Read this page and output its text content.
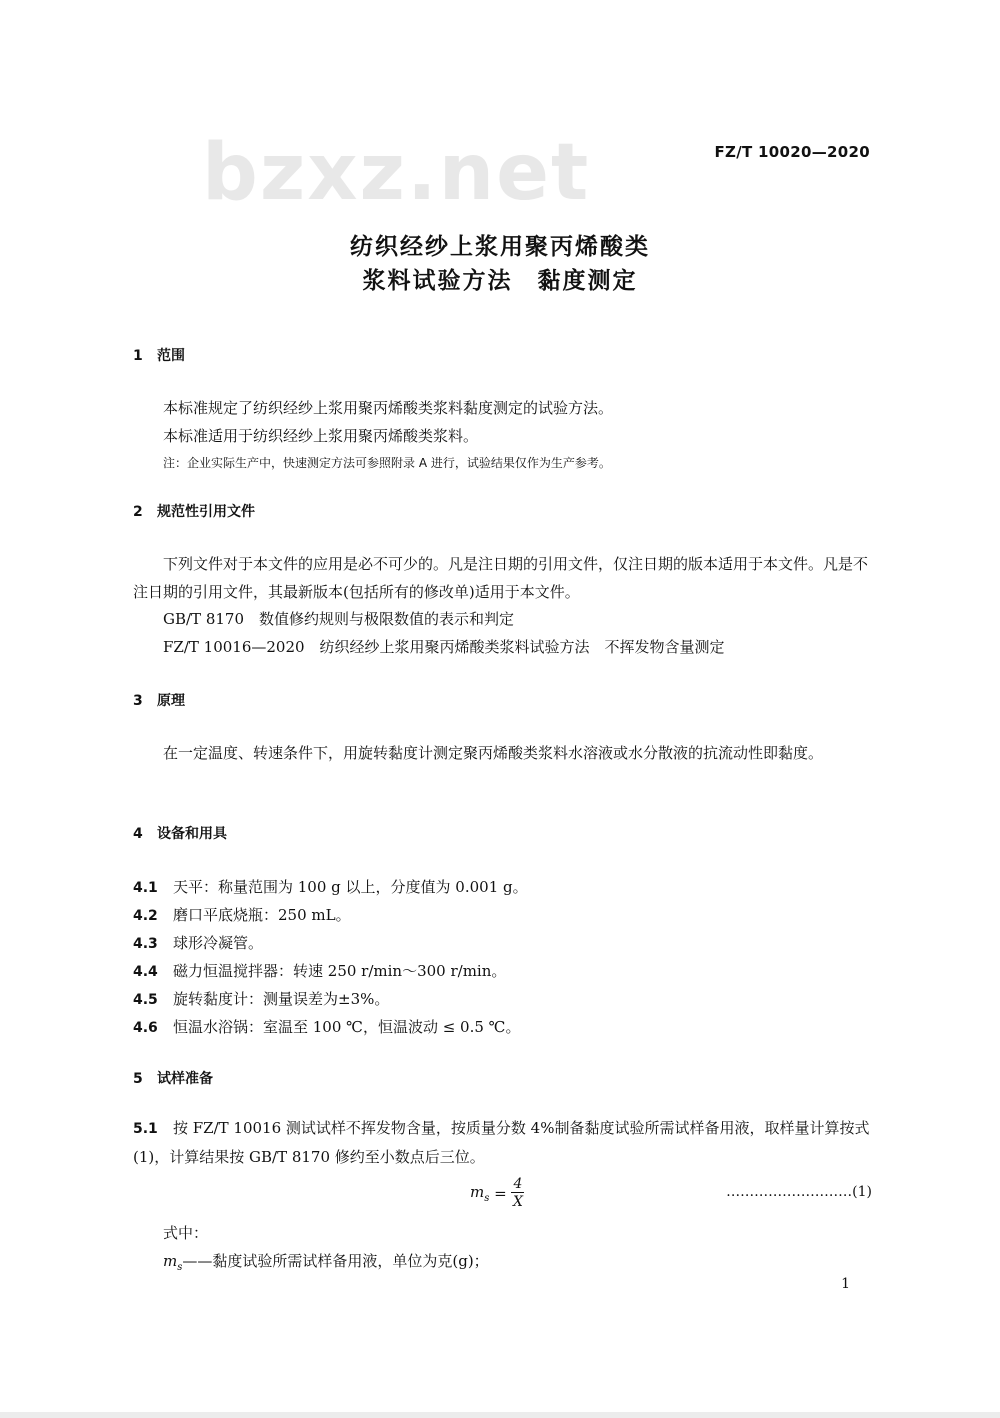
FZ/T 10020—2020
bzxz.net
纺织经纱上浆用聚丙烯酸类
浆料试验方法　黏度测定
1 范围
本标准规定了纺织经纱上浆用聚丙烯酸类浆料黏度测定的试验方法。
本标准适用于纺织经纱上浆用聚丙烯酸类浆料。
注：企业实际生产中，快速测定方法可参照附录 A 进行，试验结果仅作为生产参考。
2 规范性引用文件
下列文件对于本文件的应用是必不可少的。凡是注日期的引用文件，仅注日期的版本适用于本文件。凡是不注日期的引用文件，其最新版本(包括所有的修改单)适用于本文件。
GB/T 8170　数值修约规则与极限数值的表示和判定
FZ/T 10016—2020　纺织经纱上浆用聚丙烯酸类浆料试验方法　不挥发物含量测定
3 原理
在一定温度、转速条件下，用旋转黏度计测定聚丙烯酸类浆料水溶液或水分散液的抗流动性即黏度。
4 设备和用具
4.1 天平：称量范围为 100 g 以上，分度值为 0.001 g。
4.2 磨口平底烧瓶：250 mL。
4.3 球形冷凝管。
4.4 磁力恒温搅拌器：转速 250 r/min～300 r/min。
4.5 旋转黏度计：测量误差为±3%。
4.6 恒温水浴锅：室温至 100 ℃，恒温波动 ≤ 0.5 ℃。
5 试样准备
5.1 按 FZ/T 10016 测试试样不挥发物含量，按质量分数 4%制备黏度试验所需试样备用液，取样量计算按式(1)，计算结果按 GB/T 8170 修约至小数点后三位。
$m_s = \frac{4}{X}$	………………………(1)
式中：
$m_s——$黏度试验所需试样备用液，单位为克(g)；
1
